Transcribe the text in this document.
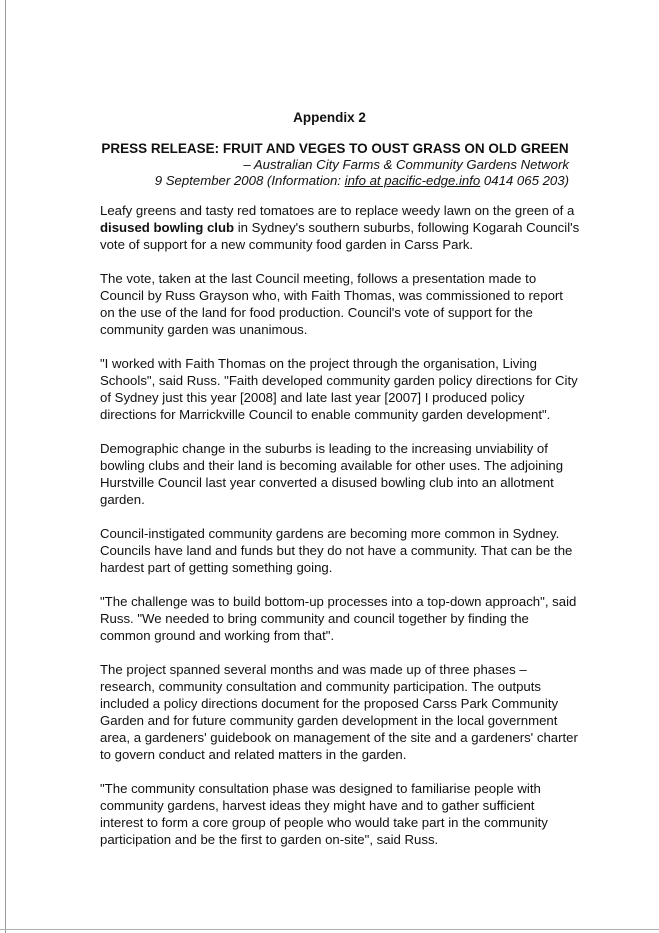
Appendix 2
PRESS RELEASE: FRUIT AND VEGES TO OUST GRASS ON OLD GREEN
– Australian City Farms & Community Gardens Network
9 September 2008 (Information: info at pacific-edge.info 0414 065 203)

Leafy greens and tasty red tomatoes are to replace weedy lawn on the green of a disused bowling club in Sydney's southern suburbs, following Kogarah Council's vote of support for a new community food garden in Carss Park.

The vote, taken at the last Council meeting, follows a presentation made to Council by Russ Grayson who, with Faith Thomas, was commissioned to report on the use of the land for food production. Council's vote of support for the community garden was unanimous.

"I worked with Faith Thomas on the project through the organisation, Living Schools", said Russ. "Faith developed community garden policy directions for City of Sydney just this year [2008] and late last year [2007] I produced policy directions for Marrickville Council to enable community garden development".

Demographic change in the suburbs is leading to the increasing unviability of bowling clubs and their land is becoming available for other uses. The adjoining Hurstville Council last year converted a disused bowling club into an allotment garden.

Council-instigated community gardens are becoming more common in Sydney. Councils have land and funds but they do not have a community. That can be the hardest part of getting something going.

"The challenge was to build bottom-up processes into a top-down approach", said Russ. "We needed to bring community and council together by finding the common ground and working from that".

The project spanned several months and was made up of three phases – research, community consultation and community participation. The outputs included a policy directions document for the proposed Carss Park Community Garden and for future community garden development in the local government area, a gardeners' guidebook on management of the site and a gardeners' charter to govern conduct and related matters in the garden.

"The community consultation phase was designed to familiarise people with community gardens, harvest ideas they might have and to gather sufficient interest to form a core group of people who would take part in the community participation and be the first to garden on-site", said Russ.
